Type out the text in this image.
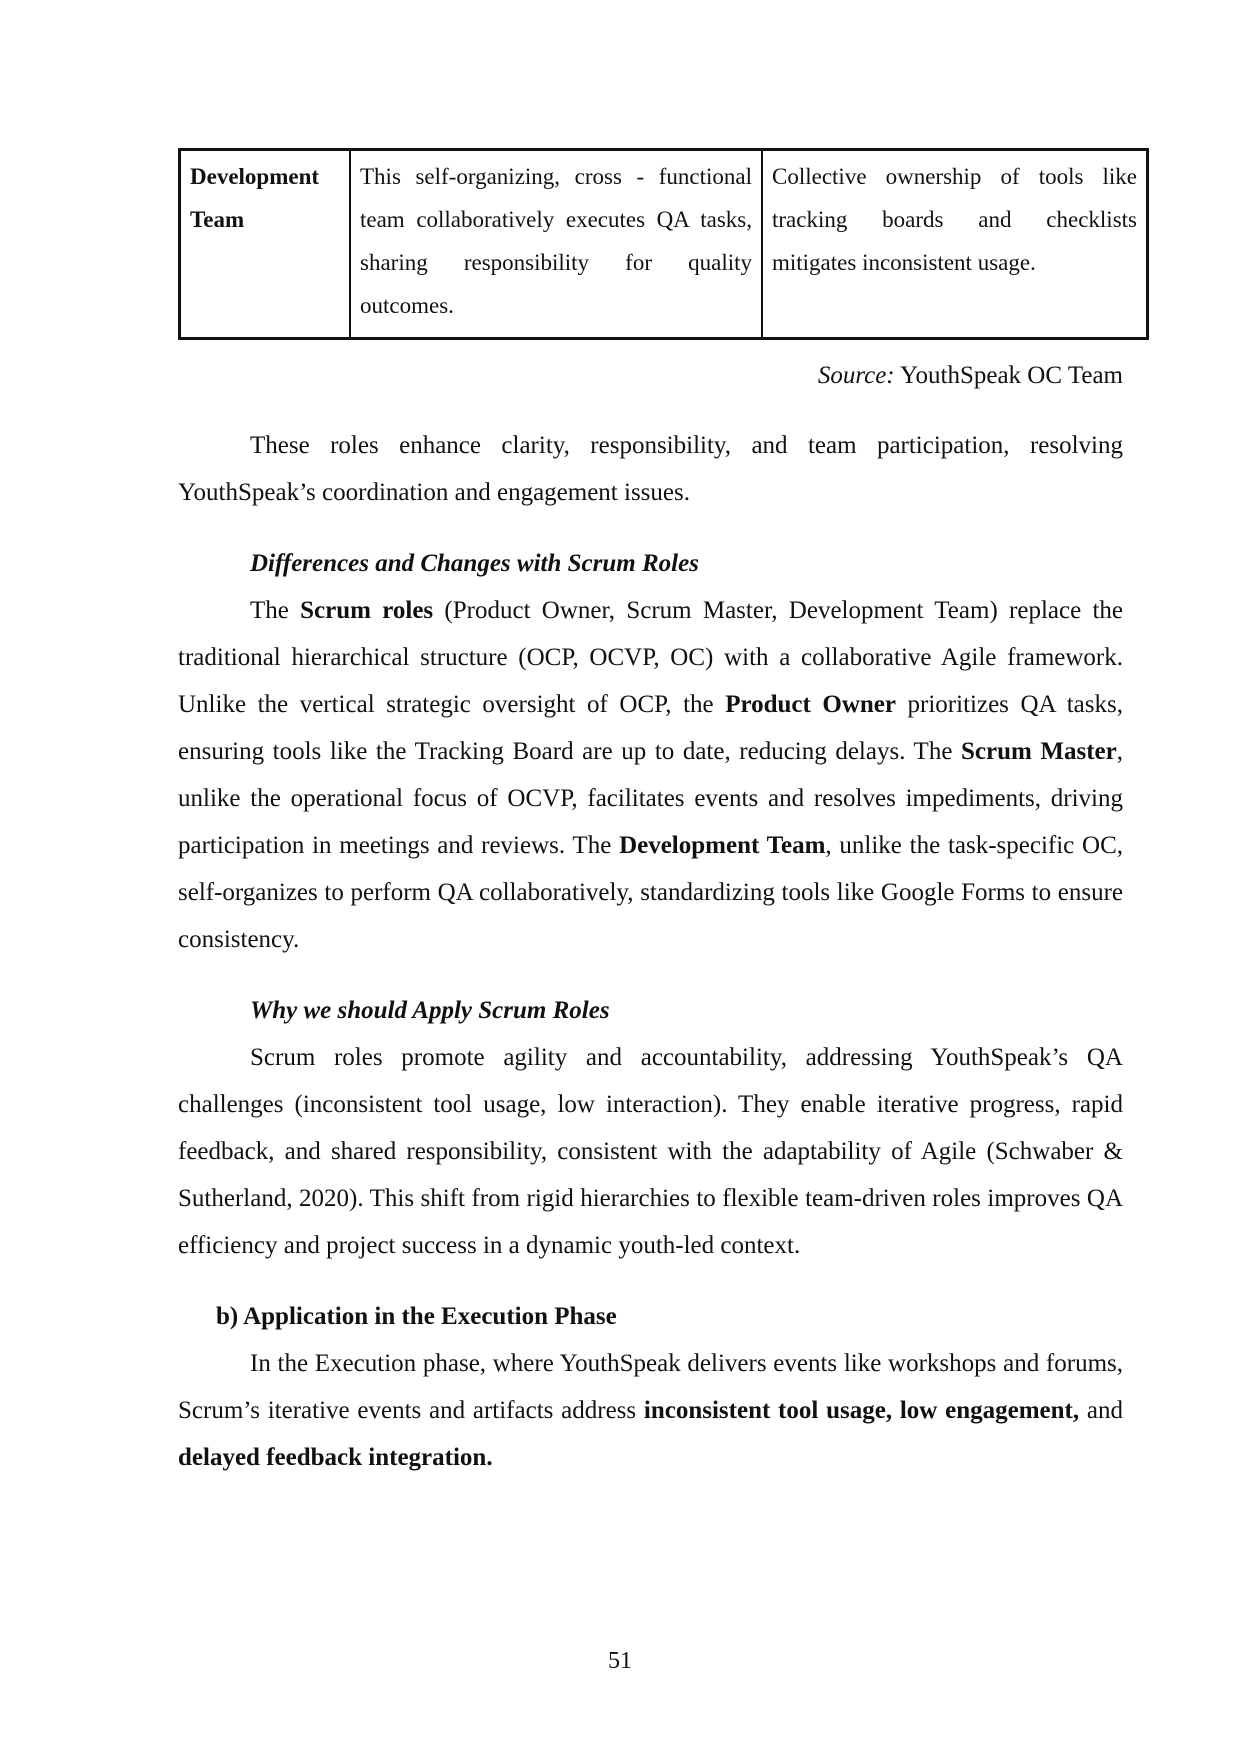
Development Team	This self-organizing, cross - functional team collaboratively executes QA tasks, sharing responsibility for quality outcomes.	Collective ownership of tools like tracking boards and checklists mitigates inconsistent usage.
Source: YouthSpeak OC Team

These roles enhance clarity, responsibility, and team participation, resolving YouthSpeak’s coordination and engagement issues.

Differences and Changes with Scrum Roles

The Scrum roles (Product Owner, Scrum Master, Development Team) replace the traditional hierarchical structure (OCP, OCVP, OC) with a collaborative Agile framework. Unlike the vertical strategic oversight of OCP, the Product Owner prioritizes QA tasks, ensuring tools like the Tracking Board are up to date, reducing delays. The Scrum Master, unlike the operational focus of OCVP, facilitates events and resolves impediments, driving participation in meetings and reviews. The Development Team, unlike the task-specific OC, self-organizes to perform QA collaboratively, standardizing tools like Google Forms to ensure consistency.

Why we should Apply Scrum Roles

Scrum roles promote agility and accountability, addressing YouthSpeak’s QA challenges (inconsistent tool usage, low interaction). They enable iterative progress, rapid feedback, and shared responsibility, consistent with the adaptability of Agile (Schwaber & Sutherland, 2020). This shift from rigid hierarchies to flexible team-driven roles improves QA efficiency and project success in a dynamic youth-led context.

b) Application in the Execution Phase

In the Execution phase, where YouthSpeak delivers events like workshops and forums, Scrum’s iterative events and artifacts address inconsistent tool usage, low engagement, and delayed feedback integration.

51
